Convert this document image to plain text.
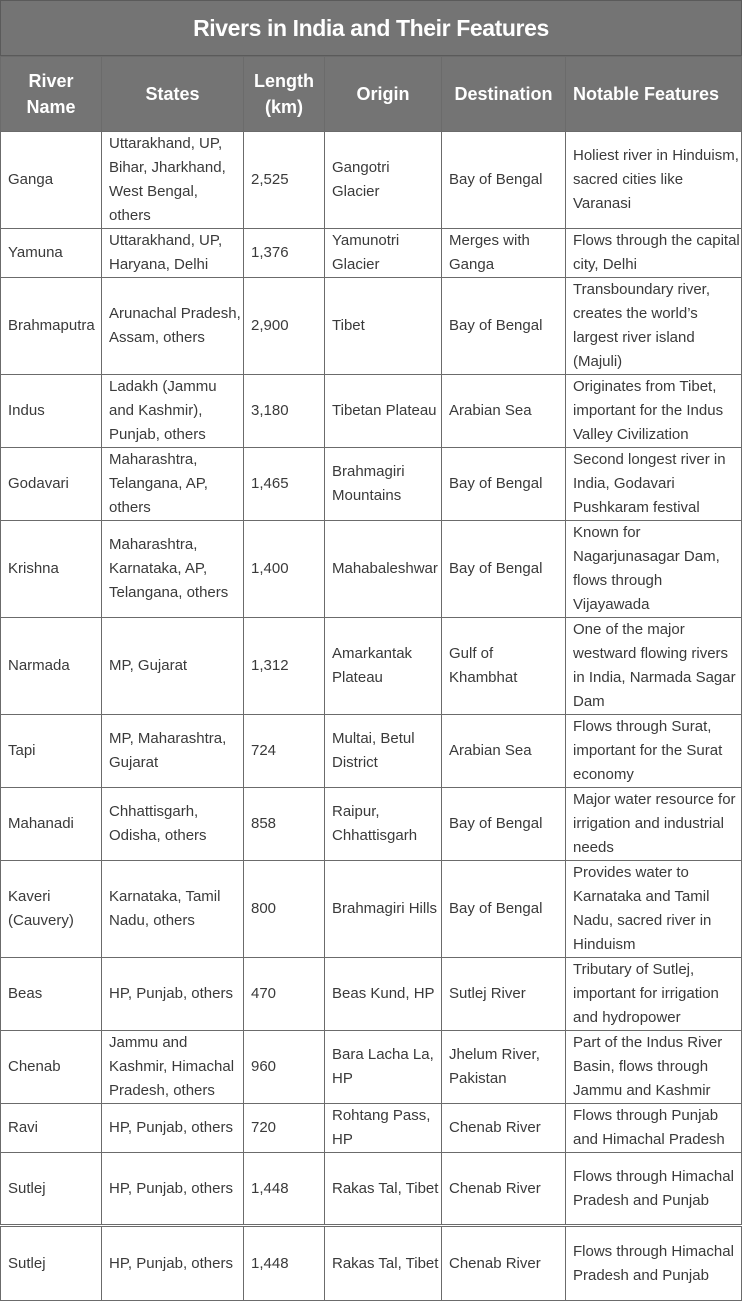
Rivers in India and Their Features
River Name	States	Length (km)	Origin	Destination	Notable Features
Ganga	Uttarakhand, UP, Bihar, Jharkhand, West Bengal, others	2,525	Gangotri Glacier	Bay of Bengal	Holiest river in Hinduism, sacred cities like Varanasi
Yamuna	Uttarakhand, UP, Haryana, Delhi	1,376	Yamunotri Glacier	Merges with Ganga	Flows through the capital city, Delhi
Brahmaputra	Arunachal Pradesh, Assam, others	2,900	Tibet	Bay of Bengal	Transboundary river, creates the world’s largest river island (Majuli)
Indus	Ladakh (Jammu and Kashmir), Punjab, others	3,180	Tibetan Plateau	Arabian Sea	Originates from Tibet, important for the Indus Valley Civilization
Godavari	Maharashtra, Telangana, AP, others	1,465	Brahmagiri Mountains	Bay of Bengal	Second longest river in India, Godavari Pushkaram festival
Krishna	Maharashtra, Karnataka, AP, Telangana, others	1,400	Mahabaleshwar	Bay of Bengal	Known for Nagarjunasagar Dam, flows through Vijayawada
Narmada	MP, Gujarat	1,312	Amarkantak Plateau	Gulf of Khambhat	One of the major westward flowing rivers in India, Narmada Sagar Dam
Tapi	MP, Maharashtra, Gujarat	724	Multai, Betul District	Arabian Sea	Flows through Surat, important for the Surat economy
Mahanadi	Chhattisgarh, Odisha, others	858	Raipur, Chhattisgarh	Bay of Bengal	Major water resource for irrigation and industrial needs
Kaveri (Cauvery)	Karnataka, Tamil Nadu, others	800	Brahmagiri Hills	Bay of Bengal	Provides water to Karnataka and Tamil Nadu, sacred river in Hinduism
Beas	HP, Punjab, others	470	Beas Kund, HP	Sutlej River	Tributary of Sutlej, important for irrigation and hydropower
Chenab	Jammu and Kashmir, Himachal Pradesh, others	960	Bara Lacha La, HP	Jhelum River, Pakistan	Part of the Indus River Basin, flows through Jammu and Kashmir
Ravi	HP, Punjab, others	720	Rohtang Pass, HP	Chenab River	Flows through Punjab and Himachal Pradesh
Sutlej	HP, Punjab, others	1,448	Rakas Tal, Tibet	Chenab River	Flows through Himachal Pradesh and Punjab
Sutlej	HP, Punjab, others	1,448	Rakas Tal, Tibet	Chenab River	Flows through Himachal Pradesh and Punjab
